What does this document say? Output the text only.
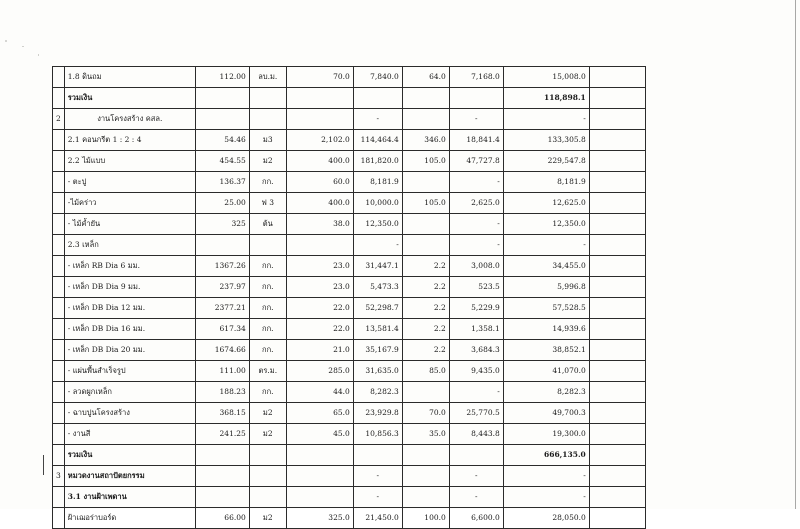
	1.8 ดินถม	112.00	ลบ.ม.	70.0	7,840.0	64.0	7,168.0	15,008.0	
	รวมเงิน							118,898.1	
2	งานโครงสร้าง คสล.				-		-	-	
	2.1 คอนกรีต 1 : 2 : 4	54.46	ม3	2,102.0	114,464.4	346.0	18,841.4	133,305.8	
	2.2 ไม้แบบ	454.55	ม2	400.0	181,820.0	105.0	47,727.8	229,547.8	
	- ตะปู	136.37	กก.	60.0	8,181.9		-	8,181.9	
	-ไม้คร่าว	25.00	ฟ 3	400.0	10,000.0	105.0	2,625.0	12,625.0	
	- ไม้ค้ำยัน	325	ต้น	38.0	12,350.0		-	12,350.0	
	2.3 เหล็ก				-		-	-	
	- เหล็ก RB Dia 6 มม.	1367.26	กก.	23.0	31,447.1	2.2	3,008.0	34,455.0	
	- เหล็ก DB Dia 9 มม.	237.97	กก.	23.0	5,473.3	2.2	523.5	5,996.8	
	- เหล็ก DB Dia 12 มม.	2377.21	กก.	22.0	52,298.7	2.2	5,229.9	57,528.5	
	- เหล็ก DB Dia 16 มม.	617.34	กก.	22.0	13,581.4	2.2	1,358.1	14,939.6	
	- เหล็ก DB Dia 20 มม.	1674.66	กก.	21.0	35,167.9	2.2	3,684.3	38,852.1	
	- แผ่นพื้นสำเร็จรูป	111.00	ตร.ม.	285.0	31,635.0	85.0	9,435.0	41,070.0	
	- ลวดผูกเหล็ก	188.23	กก.	44.0	8,282.3		-	8,282.3	
	- ฉาบปูนโครงสร้าง	368.15	ม2	65.0	23,929.8	70.0	25,770.5	49,700.3	
	- งานสี	241.25	ม2	45.0	10,856.3	35.0	8,443.8	19,300.0	
	รวมเงิน							666,135.0	
3	หมวดงานสถาปัตยกรรม				-		-	-	
	3.1 งานฝ้าเพดาน				-		-	-	
	ฝ้าเฌอร่าบอร์ด	66.00	ม2	325.0	21,450.0	100.0	6,600.0	28,050.0	
